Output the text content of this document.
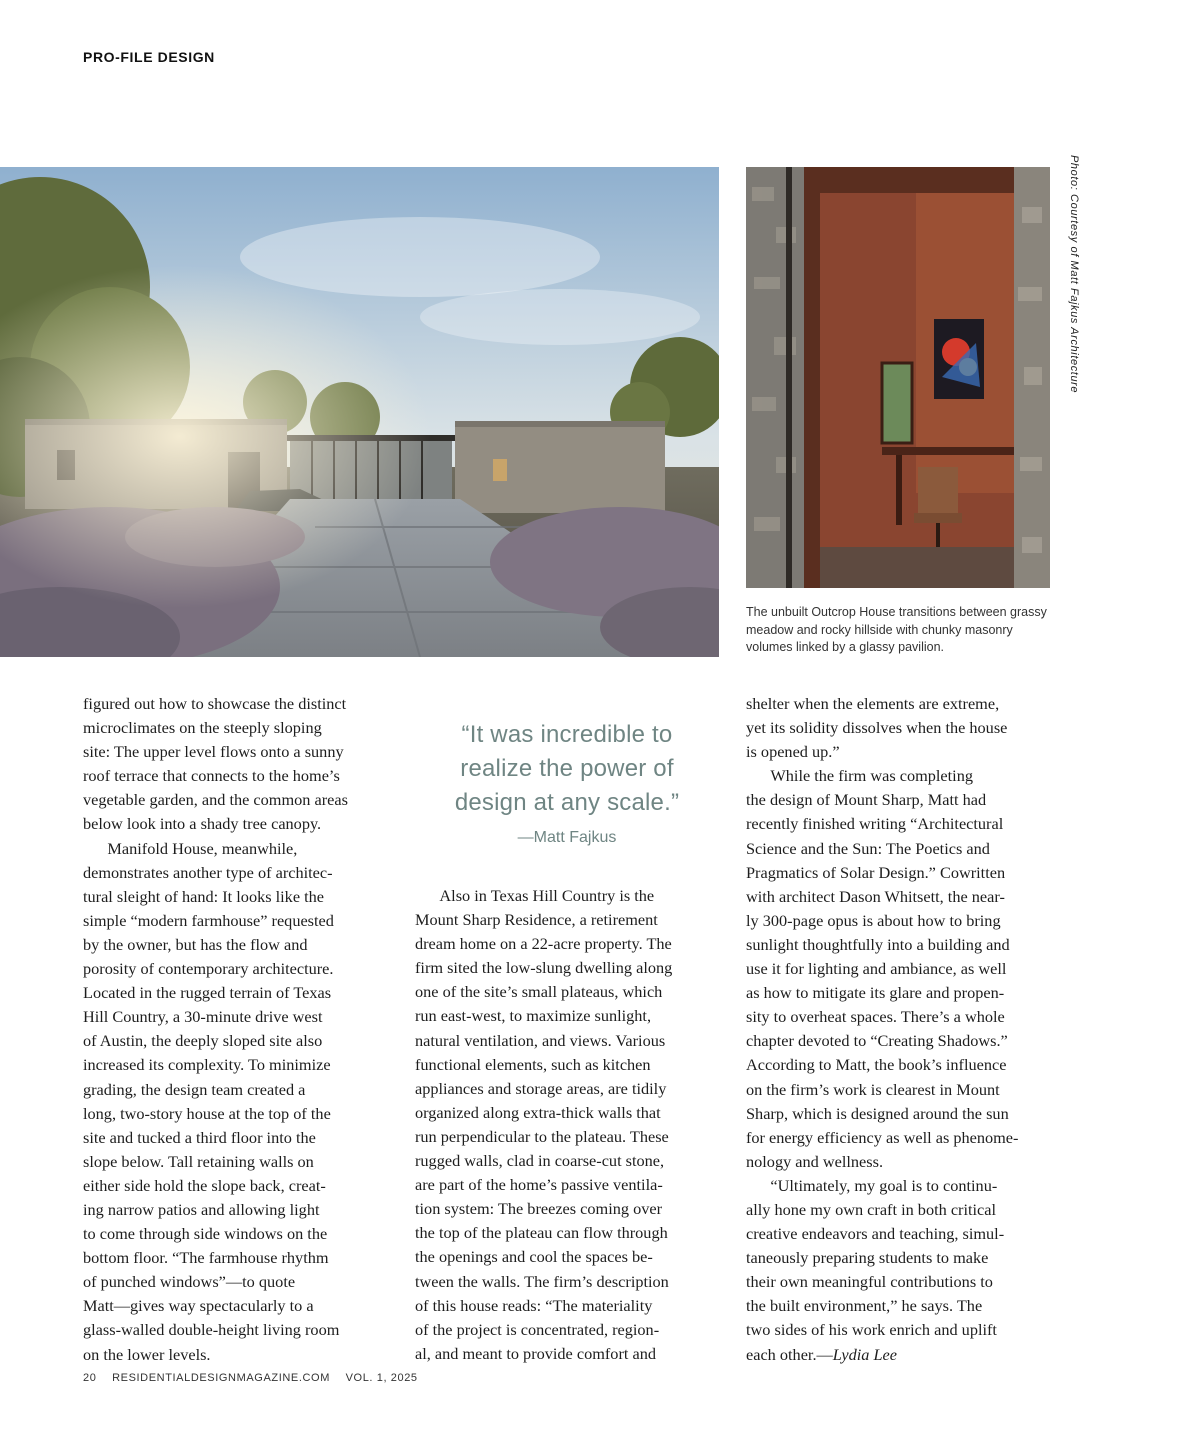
PRO-FILE DESIGN
Photo: Courtesy of Matt Fajkus Architecture
The unbuilt Outcrop House transitions between grassy meadow and rocky hillside with chunky masonry volumes linked by a glassy pavilion.

figured out how to showcase the distinct

microclimates on the steeply sloping

site: The upper level flows onto a sunny

roof terrace that connects to the home’s

vegetable garden, and the common areas

below look into a shady tree canopy.

  Manifold House, meanwhile,

demonstrates another type of architec-

tural sleight of hand: It looks like the

simple “modern farmhouse” requested

by the owner, but has the flow and

porosity of contemporary architecture.

Located in the rugged terrain of Texas

Hill Country, a 30-minute drive west

of Austin, the deeply sloped site also

increased its complexity. To minimize

grading, the design team created a

long, two-story house at the top of the

site and tucked a third floor into the

slope below. Tall retaining walls on

either side hold the slope back, creat-

ing narrow patios and allowing light

to come through side windows on the

bottom floor. “The farmhouse rhythm

of punched windows”—to quote

Matt—gives way spectacularly to a

glass-walled double-height living room

on the lower levels.

“It was incredible to
realize the power of
design at any scale.”
—Matt Fajkus

  Also in Texas Hill Country is the

Mount Sharp Residence, a retirement

dream home on a 22-acre property. The

firm sited the low-slung dwelling along

one of the site’s small plateaus, which

run east-west, to maximize sunlight,

natural ventilation, and views. Various

functional elements, such as kitchen

appliances and storage areas, are tidily

organized along extra-thick walls that

run perpendicular to the plateau. These

rugged walls, clad in coarse-cut stone,

are part of the home’s passive ventila-

tion system: The breezes coming over

the top of the plateau can flow through

the openings and cool the spaces be-

tween the walls. The firm’s description

of this house reads: “The materiality

of the project is concentrated, region-

al, and meant to provide comfort and

shelter when the elements are extreme,

yet its solidity dissolves when the house

is opened up.”

  While the firm was completing

the design of Mount Sharp, Matt had

recently finished writing “Architectural

Science and the Sun: The Poetics and

Pragmatics of Solar Design.” Cowritten

with architect Dason Whitsett, the near-

ly 300-page opus is about how to bring

sunlight thoughtfully into a building and

use it for lighting and ambiance, as well

as how to mitigate its glare and propen-

sity to overheat spaces. There’s a whole

chapter devoted to “Creating Shadows.”

According to Matt, the book’s influence

on the firm’s work is clearest in Mount

Sharp, which is designed around the sun

for energy efficiency as well as phenome-

nology and wellness.

  “Ultimately, my goal is to continu-

ally hone my own craft in both critical

creative endeavors and teaching, simul-

taneously preparing students to make

their own meaningful contributions to

the built environment,” he says. The

two sides of his work enrich and uplift

each other.—Lydia Lee

20 RESIDENTIALDESIGNMAGAZINE.COM VOL. 1, 2025
